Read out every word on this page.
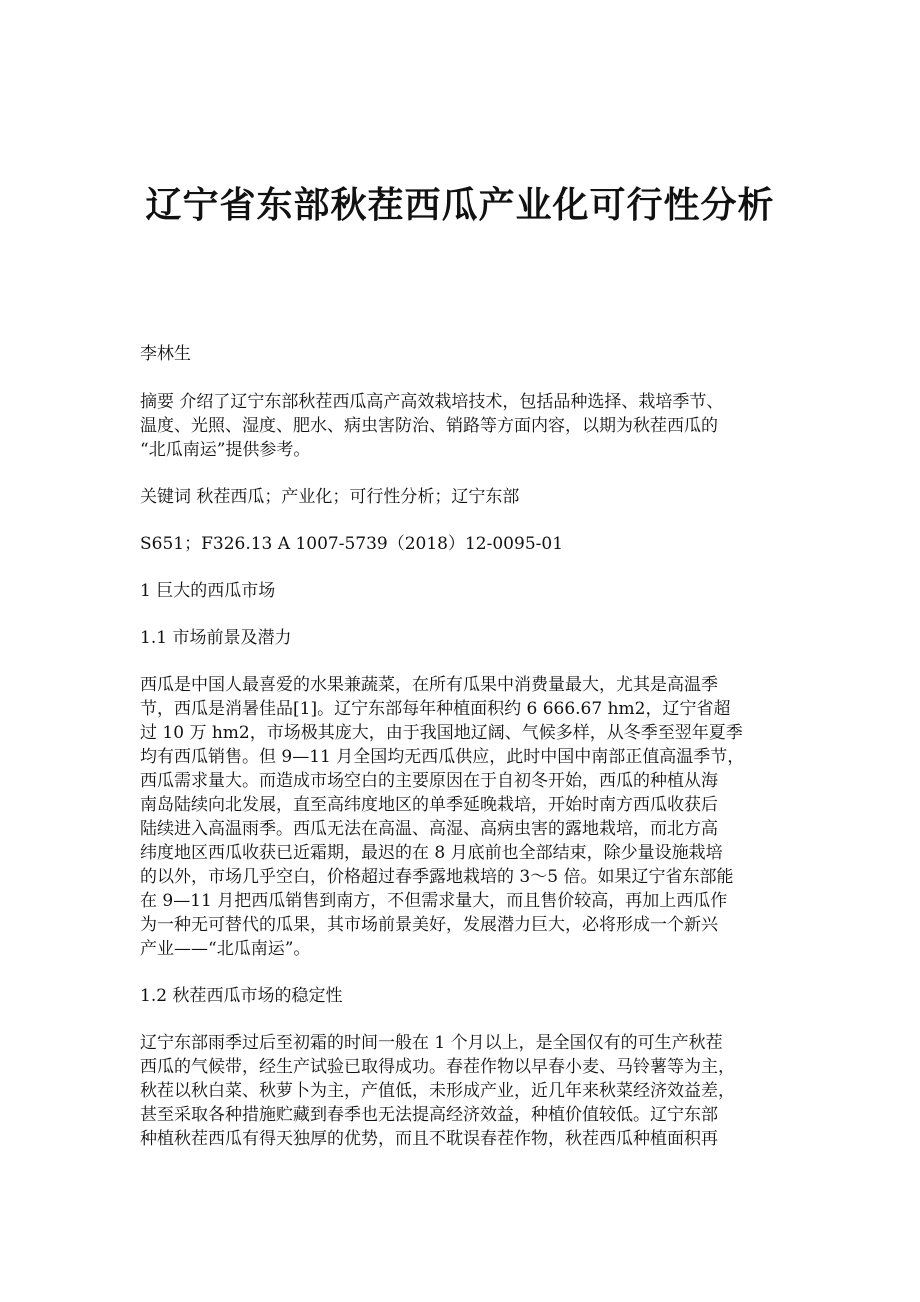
辽宁省东部秋茬西瓜产业化可行性分析

李林生

摘要 介绍了辽宁东部秋茬西瓜高产高效栽培技术，包括品种选择、栽培季节、

温度、光照、湿度、肥水、病虫害防治、销路等方面内容，以期为秋茬西瓜的

“北瓜南运”提供参考。

关键词 秋茬西瓜；产业化；可行性分析；辽宁东部

S651；F326.13 A 1007-5739（2018）12-0095-01

1 巨大的西瓜市场

1.1 市场前景及潜力

西瓜是中国人最喜爱的水果兼蔬菜，在所有瓜果中消费量最大，尤其是高温季

节，西瓜是消暑佳品[1]。辽宁东部每年种植面积约 6 666.67 hm2，辽宁省超

过 10 万 hm2，市场极其庞大，由于我国地辽阔、气候多样，从冬季至翌年夏季

均有西瓜销售。但 9—11 月全国均无西瓜供应，此时中国中南部正值高温季节，

西瓜需求量大。而造成市场空白的主要原因在于自初冬开始，西瓜的种植从海

南岛陆续向北发展，直至高纬度地区的单季延晚栽培，开始时南方西瓜收获后

陆续进入高温雨季。西瓜无法在高温、高湿、高病虫害的露地栽培，而北方高

纬度地区西瓜收获已近霜期，最迟的在 8 月底前也全部结束，除少量设施栽培

的以外，市场几乎空白，价格超过春季露地栽培的 3～5 倍。如果辽宁省东部能

在 9—11 月把西瓜销售到南方，不但需求量大，而且售价较高，再加上西瓜作

为一种无可替代的瓜果，其市场前景美好，发展潜力巨大，必将形成一个新兴

产业——“北瓜南运”。

1.2 秋茬西瓜市场的稳定性

辽宁东部雨季过后至初霜的时间一般在 1 个月以上，是全国仅有的可生产秋茬

西瓜的气候带，经生产试验已取得成功。春茬作物以早春小麦、马铃薯等为主，

秋茬以秋白菜、秋萝卜为主，产值低，未形成产业，近几年来秋菜经济效益差，

甚至采取各种措施贮藏到春季也无法提高经济效益，种植价值较低。辽宁东部

种植秋茬西瓜有得天独厚的优势，而且不耽误春茬作物，秋茬西瓜种植面积再
